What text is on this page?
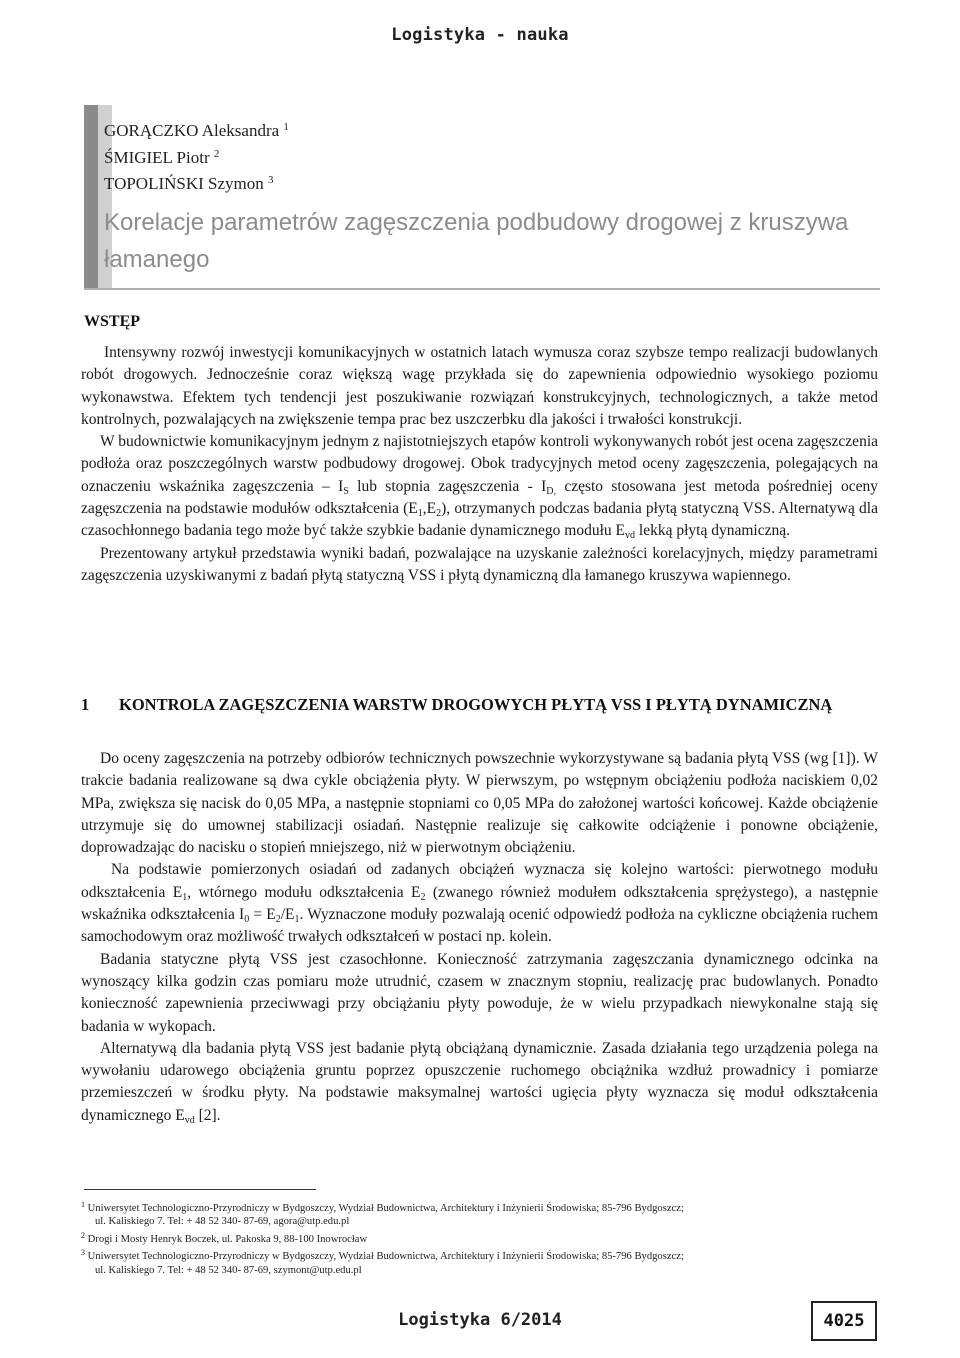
Logistyka - nauka
GORĄCZKO Aleksandra $^1$
ŚMIGIEL Piotr $^2$
TOPOLIŃSKI Szymon $^3$
Korelacje parametrów zagęszczenia podbudowy drogowej z kruszywa łamanego
WSTĘP

Intensywny rozwój inwestycji komunikacyjnych w ostatnich latach wymusza coraz szybsze tempo realizacji budowlanych robót drogowych. Jednocześnie coraz większą wagę przykłada się do zapewnienia odpowiednio wysokiego poziomu wykonawstwa. Efektem tych tendencji jest poszukiwanie rozwiązań konstrukcyjnych, technologicznych, a także metod kontrolnych, pozwalających na zwiększenie tempa prac bez uszczerbku dla jakości i trwałości konstrukcji.

W budownictwie komunikacyjnym jednym z najistotniejszych etapów kontroli wykonywanych robót jest ocena zagęszczenia podłoża oraz poszczególnych warstw podbudowy drogowej. Obok tradycyjnych metod oceny zagęszczenia, polegających na oznaczeniu wskaźnika zagęszczenia – $I_S$ lub stopnia zagęszczenia - $I_{D,}$ często stosowana jest metoda pośredniej oceny zagęszczenia na podstawie modułów odkształcenia $(E_1,E_2)$, otrzymanych podczas badania płytą statyczną VSS. Alternatywą dla czasochłonnego badania tego może być także szybkie badanie dynamicznego modułu $E_{vd}$ lekką płytą dynamiczną.

Prezentowany artykuł przedstawia wyniki badań, pozwalające na uzyskanie zależności korelacyjnych, między parametrami zagęszczenia uzyskiwanymi z badań płytą statyczną VSS i płytą dynamiczną dla łamanego kruszywa wapiennego.

1 KONTROLA ZAGĘSZCZENIA WARSTW DROGOWYCH PŁYTĄ VSS I PŁYTĄ DYNAMICZNĄ

Do oceny zagęszczenia na potrzeby odbiorów technicznych powszechnie wykorzystywane są badania płytą VSS (wg [1]). W trakcie badania realizowane są dwa cykle obciążenia płyty. W pierwszym, po wstępnym obciążeniu podłoża naciskiem 0,02 MPa, zwiększa się nacisk do 0,05 MPa, a następnie stopniami co 0,05 MPa do założonej wartości końcowej. Każde obciążenie utrzymuje się do umownej stabilizacji osiadań. Następnie realizuje się całkowite odciążenie i ponowne obciążenie, doprowadzając do nacisku o stopień mniejszego, niż w pierwotnym obciążeniu.

Na podstawie pomierzonych osiadań od zadanych obciążeń wyznacza się kolejno wartości: pierwotnego modułu odkształcenia $E_1$, wtórnego modułu odkształcenia $E_2$ (zwanego również modułem odkształcenia sprężystego), a następnie wskaźnika odkształcenia $I_0 = E_2/E_1$. Wyznaczone moduły pozwalają ocenić odpowiedź podłoża na cykliczne obciążenia ruchem samochodowym oraz możliwość trwałych odkształceń w postaci np. kolein.

Badania statyczne płytą VSS jest czasochłonne. Konieczność zatrzymania zagęszczania dynamicznego odcinka na wynoszący kilka godzin czas pomiaru może utrudnić, czasem w znacznym stopniu, realizację prac budowlanych. Ponadto konieczność zapewnienia przeciwwagi przy obciążaniu płyty powoduje, że w wielu przypadkach niewykonalne stają się badania w wykopach.

Alternatywą dla badania płytą VSS jest badanie płytą obciążaną dynamicznie. Zasada działania tego urządzenia polega na wywołaniu udarowego obciążenia gruntu poprzez opuszczenie ruchomego obciążnika wzdłuż prowadnicy i pomiarze przemieszczeń w środku płyty. Na podstawie maksymalnej wartości ugięcia płyty wyznacza się moduł odkształcenia dynamicznego $E_{vd}$ [2].

$^1$ Uniwersytet Technologiczno-Przyrodniczy w Bydgoszczy, Wydział Budownictwa, Architektury i Inżynierii Środowiska; 85-796 Bydgoszcz;

ul. Kaliskiego 7. Tel: + 48 52 340- 87-69, agora@utp.edu.pl

$^2$ Drogi i Mosty Henryk Boczek, ul. Pakoska 9, 88-100 Inowrocław

$^3$ Uniwersytet Technologiczno-Przyrodniczy w Bydgoszczy, Wydział Budownictwa, Architektury i Inżynierii Środowiska; 85-796 Bydgoszcz;

ul. Kaliskiego 7. Tel: + 48 52 340- 87-69, szymont@utp.edu.pl

Logistyka 6/2014	4025
